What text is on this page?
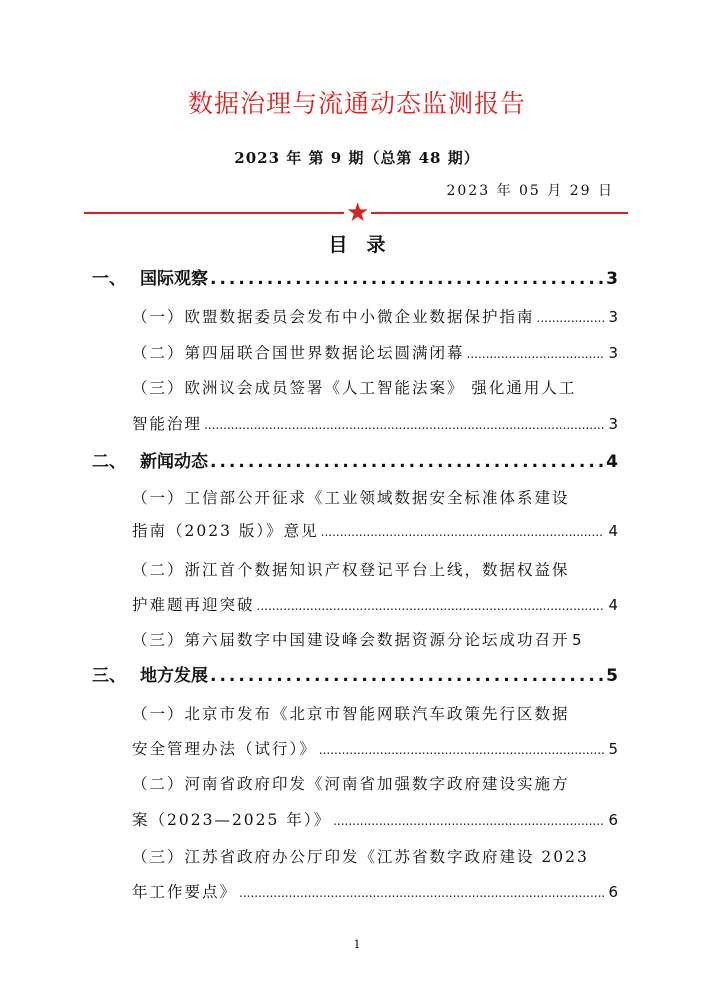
数据治理与流通动态监测报告
2023 年 第 9 期（总第 48 期）
2023 年 05 月 29 日
★
目　录
一、 国际观察 .....	3
（一）欧盟数据委员会发布中小微企业数据保护指南 .....	3
（二）第四届联合国世界数据论坛圆满闭幕 .....	3
（三）欧洲议会成员签署《人工智能法案》 强化通用人工
智能治理 .....	3
二、 新闻动态 .....	4
（一）工信部公开征求《工业领域数据安全标准体系建设
指南（2023 版）》意见 .....	4
（二）浙江首个数据知识产权登记平台上线，数据权益保
护难题再迎突破 .....	4
（三）第六届数字中国建设峰会数据资源分论坛成功召开 5
三、 地方发展 .....	5
（一）北京市发布《北京市智能网联汽车政策先行区数据
安全管理办法（试行）》 .....	5
（二）河南省政府印发《河南省加强数字政府建设实施方
案（2023—2025 年）》 .....	6
（三）江苏省政府办公厅印发《江苏省数字政府建设 2023
年工作要点》 .....	6
1
